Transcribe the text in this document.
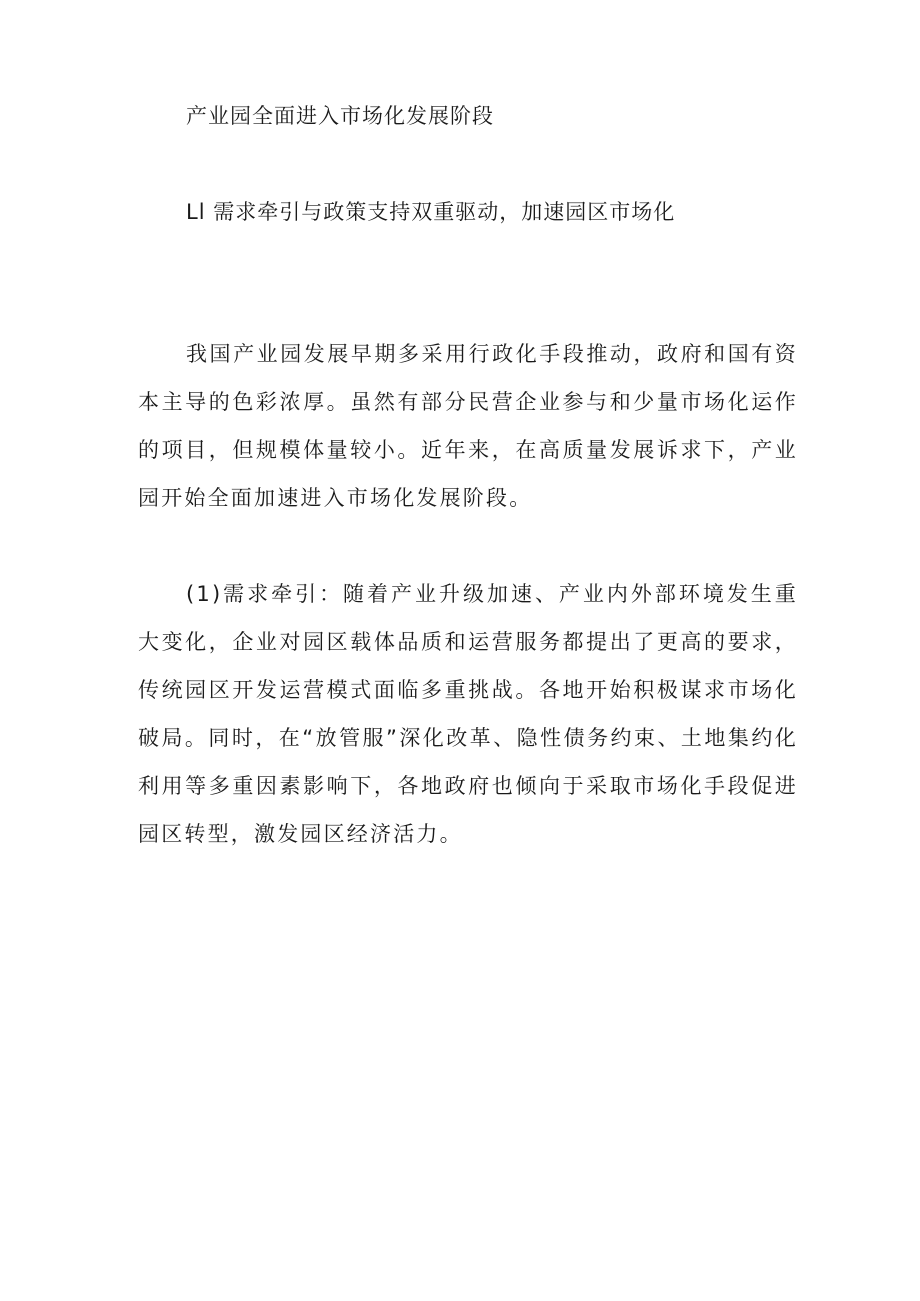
产业园全面进入市场化发展阶段
Ll 需求牵引与政策支持双重驱动，加速园区市场化

我国产业园发展早期多采用行政化手段推动，政府和国有资本主导的色彩浓厚。虽然有部分民营企业参与和少量市场化运作的项目，但规模体量较小。近年来，在高质量发展诉求下，产业园开始全面加速进入市场化发展阶段。

(1)需求牵引：随着产业升级加速、产业内外部环境发生重大变化，企业对园区载体品质和运营服务都提出了更高的要求，传统园区开发运营模式面临多重挑战。各地开始积极谋求市场化破局。同时，在“放管服”深化改革、隐性债务约束、土地集约化利用等多重因素影响下，各地政府也倾向于采取市场化手段促进园区转型，激发园区经济活力。
